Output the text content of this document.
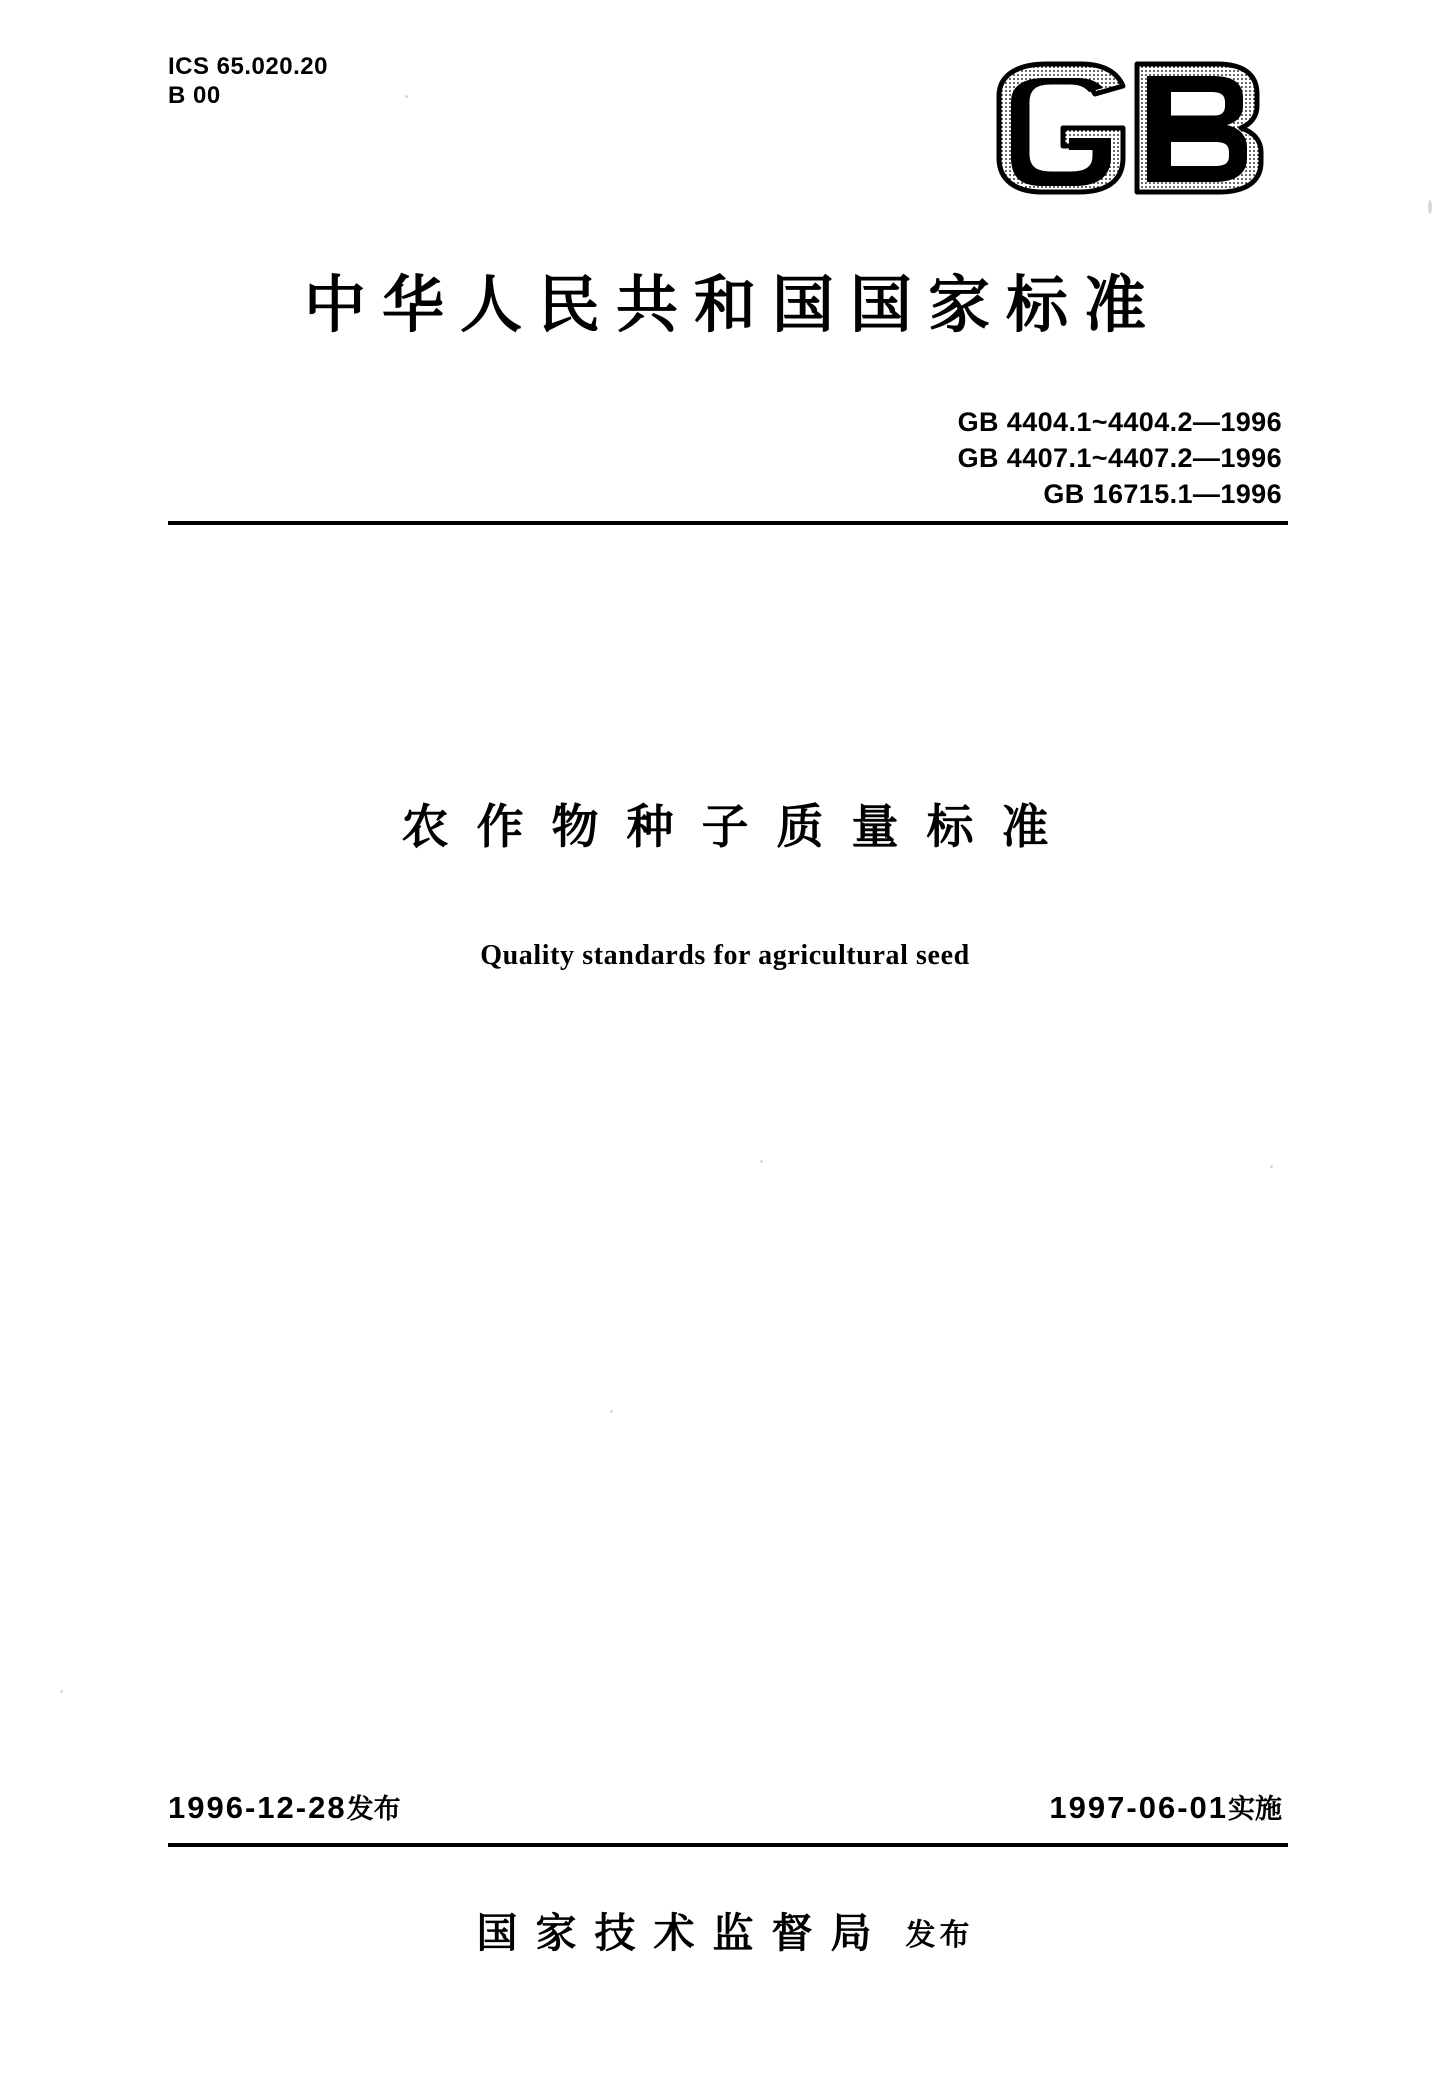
ICS 65.020.20
B 00
中华人民共和国国家标准
GB 4404.1~4404.2—1996
GB 4407.1~4407.2—1996
GB 16715.1—1996
农作物种子质量标准
Quality standards for agricultural seed
1996-12-28发布	1997-06-01实施
国家技术监督局 发布
